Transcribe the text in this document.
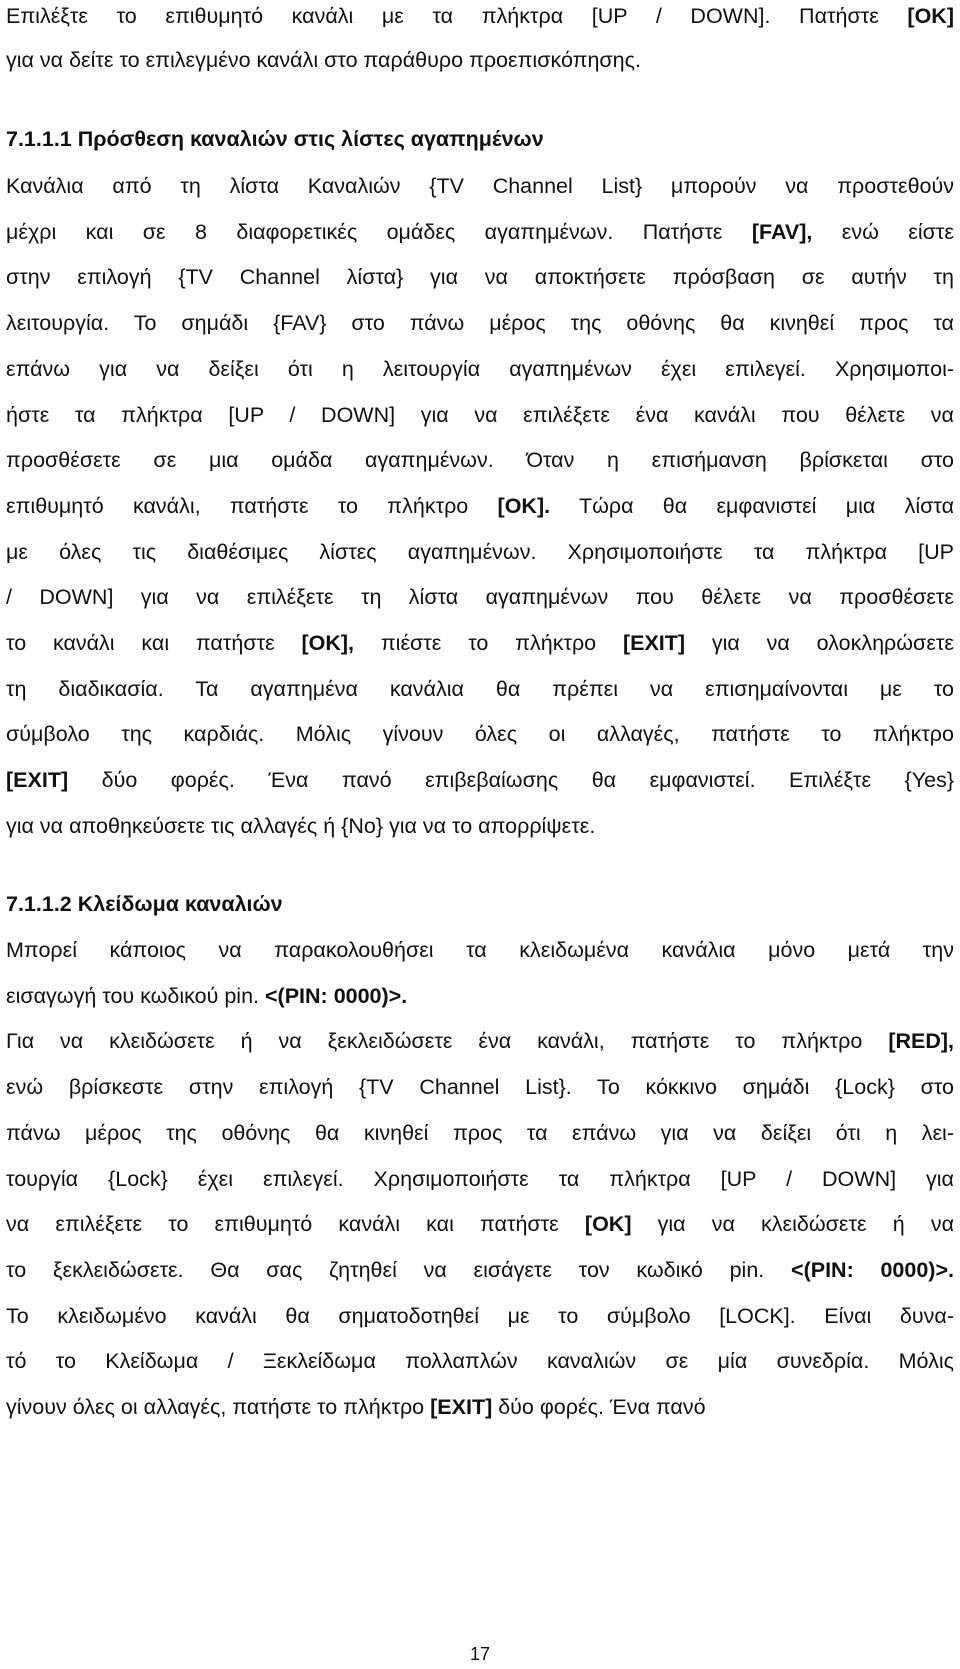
Επιλέξτε το επιθυμητό κανάλι με τα πλήκτρα [UP / DOWN]. Πατήστε [OK]
για να δείτε το επιλεγμένο κανάλι στο παράθυρο προεπισκόπησης.
7.1.1.1 Πρόσθεση καναλιών στις λίστες αγαπημένων
Κανάλια από τη λίστα Καναλιών {TV Channel List} μπορούν να προστεθούν
μέχρι και σε 8 διαφορετικές ομάδες αγαπημένων. Πατήστε [FAV], ενώ είστε
στην επιλογή {TV Channel λίστα} για να αποκτήσετε πρόσβαση σε αυτήν τη
λειτουργία. Το σημάδι {FAV} στο πάνω μέρος της οθόνης θα κινηθεί προς τα
επάνω για να δείξει ότι η λειτουργία αγαπημένων έχει επιλεγεί. Χρησιμοποι-
ήστε τα πλήκτρα [UP / DOWN] για να επιλέξετε ένα κανάλι που θέλετε να
προσθέσετε σε μια ομάδα αγαπημένων. Όταν η επισήμανση βρίσκεται στο
επιθυμητό κανάλι, πατήστε το πλήκτρο [OK]. Τώρα θα εμφανιστεί μια λίστα
με όλες τις διαθέσιμες λίστες αγαπημένων. Χρησιμοποιήστε τα πλήκτρα [UP
/ DOWN] για να επιλέξετε τη λίστα αγαπημένων που θέλετε να προσθέσετε
το κανάλι και πατήστε [OK], πιέστε το πλήκτρο [EXIT] για να ολοκληρώσετε
τη διαδικασία. Τα αγαπημένα κανάλια θα πρέπει να επισημαίνονται με το
σύμβολο της καρδιάς. Μόλις γίνουν όλες οι αλλαγές, πατήστε το πλήκτρο
[EXIT] δύο φορές. Ένα πανό επιβεβαίωσης θα εμφανιστεί. Επιλέξτε {Yes}
για να αποθηκεύσετε τις αλλαγές ή {No} για να το απορρίψετε.
7.1.1.2 Κλείδωμα καναλιών
Μπορεί κάποιος να παρακολουθήσει τα κλειδωμένα κανάλια μόνο μετά την
εισαγωγή του κωδικού pin. <(PIN: 0000)>.
Για να κλειδώσετε ή να ξεκλειδώσετε ένα κανάλι, πατήστε το πλήκτρο [RED],
ενώ βρίσκεστε στην επιλογή {TV Channel List}. Το κόκκινο σημάδι {Lock} στο
πάνω μέρος της οθόνης θα κινηθεί προς τα επάνω για να δείξει ότι η λει-
τουργία {Lock} έχει επιλεγεί. Χρησιμοποιήστε τα πλήκτρα [UP / DOWN] για
να επιλέξετε το επιθυμητό κανάλι και πατήστε [OK] για να κλειδώσετε ή να
το ξεκλειδώσετε. Θα σας ζητηθεί να εισάγετε τον κωδικό pin. <(PIN: 0000)>.
Το κλειδωμένο κανάλι θα σηματοδοτηθεί με το σύμβολο [LOCK]. Είναι δυνα-
τό το Κλείδωμα / Ξεκλείδωμα πολλαπλών καναλιών σε μία συνεδρία. Μόλις
γίνουν όλες οι αλλαγές, πατήστε το πλήκτρο [EXIT] δύο φορές. Ένα πανό
17
